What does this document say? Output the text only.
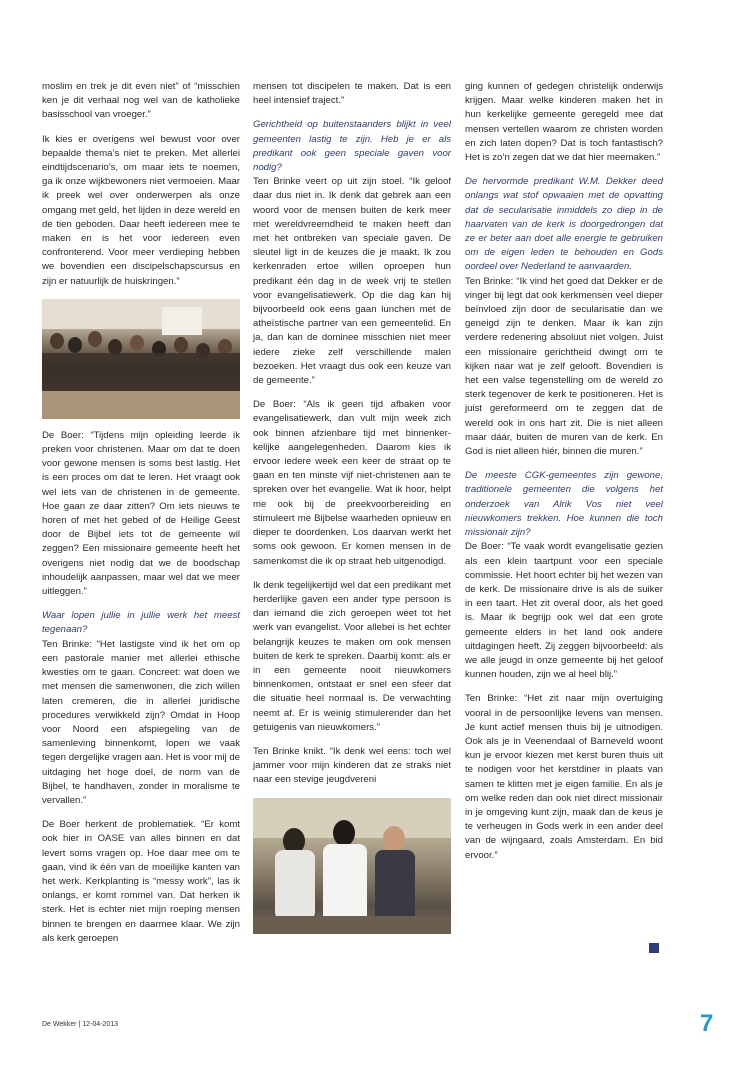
moslim en trek je dit even niet” of “misschien ken je dit verhaal nog wel van de katholieke basisschool van vroeger.”

Ik kies er overigens wel bewust voor over bepaalde thema’s niet te preken. Met allerlei eindtijdscenario’s, om maar iets te noemen, ga ik onze wijkbewoners niet vermoeien. Maar ik preek wel over onderwerpen als onze omgang met geld, het lijden in deze wereld en de tien geboden. Daar heeft iedereen mee te maken en is het voor iedereen even confronterend. Voor meer verdieping hebben we bovendien een discipelschapscursus en zijn er natuurlijk de huiskringen.”

De Boer: “Tijdens mijn opleiding leerde ik preken voor christenen. Maar om dat te doen voor gewone mensen is soms best lastig. Het is een proces om dat te leren. Het vraagt ook wel iets van de christenen in de gemeente. Hoe gaan ze daar zitten? Om iets nieuws te horen of met het gebed of de Heilige Geest door de Bijbel iets tot de gemeente wil zeggen? Een missionaire gemeente heeft het overigens niet nodig dat we de boodschap inhoudelijk aanpassen, maar wel dat we meer uitleggen.”

Waar lopen jullie in jullie werk het meest tegenaan?

Ten Brinke: “Het lastigste vind ik het om op een pastorale manier met allerlei ethische kwesties om te gaan. Concreet: wat doen we met mensen die samenwonen, die zich willen laten cremeren, die in allerlei juridische procedures verwikkeld zijn? Omdat in Hoop voor Noord een afspiegeling van de samenleving binnenkomt, lopen we vaak tegen dergelijke vragen aan. Het is voor mij de uitdaging het hoge doel, de norm van de Bijbel, te handhaven, zonder in moralisme te vervallen.”

De Boer herkent de problematiek. “Er komt ook hier in OASE van alles binnen en dat levert soms vragen op. Hoe daar mee om te gaan, vind ik één van de moeilijke kanten van het werk. Kerkplanting is “messy work”, las ik onlangs, er komt rommel van. Dat herken ik sterk. Het is echter niet mijn roeping mensen binnen te brengen en daarmee klaar. We zijn als kerk geroepen

mensen tot discipelen te maken. Dat is een heel intensief traject.”

Gerichtheid op buitenstaanders blijkt in veel gemeenten lastig te zijn. Heb je er als predikant ook geen speciale gaven voor nodig?

Ten Brinke veert op uit zijn stoel. “Ik geloof daar dus niet in. Ik denk dat gebrek aan een woord voor de mensen buiten de kerk meer met wereldvreemdheid te maken heeft dan met het ontbreken van speciale gaven. De sleutel ligt in de keuzes die je maakt. Ik zou kerkenraden ertoe willen oproepen hun predikant één dag in de week vrij te stellen voor evangelisatiewerk. Op die dag kan hij bijvoorbeeld ook eens gaan lunchen met de atheïstische partner van een gemeentelid. En ja, dan kan de dominee misschien niet meer iedere zieke zelf verschillende malen bezoeken. Het vraagt dus ook een keuze van de gemeente.”

De Boer: “Als ik geen tijd afbaken voor evangelisatiewerk, dan vult mijn week zich ook binnen afzienbare tijd met binnenkerkelijke aangelegenheden. Daarom kies ik ervoor iedere week een keer de straat op te gaan en ten minste vijf niet-christenen aan te spreken over het evangelie. Wat ik hoor, helpt me ook bij de preekvoorbereiding en stimuleert me Bijbelse waarheden opnieuw en dieper te doordenken. Los daarvan werkt het soms ook gewoon. Er komen mensen in de samenkomst die ik op straat heb uitgenodigd.

Ik denk tegelijkertijd wel dat een predikant met herderlijke gaven een ander type persoon is dan iemand die zich geroepen weet tot het werk van evangelist. Voor allebei is het echter belangrijk keuzes te maken om ook mensen buiten de kerk te spreken. Daarbij komt: als er in een gemeente nooit nieuwkomers binnenkomen, ontstaat er snel een sfeer dat die situatie heel normaal is. De verwachting neemt af. Er is weinig stimulerender dan het getuigenis van nieuwkomers.”

Ten Brinke knikt. “Ik denk wel eens: toch wel jammer voor mijn kinderen dat ze straks niet naar een stevige jeugdvereni

ging kunnen of gedegen christelijk onderwijs krijgen. Maar welke kinderen maken het in hun kerkelijke gemeente geregeld mee dat mensen vertellen waarom ze christen worden en zich laten dopen? Dat is toch fantastisch? Het is zo’n zegen dat we dat hier meemaken.”

De hervormde predikant W.M. Dekker deed onlangs wat stof opwaaien met de opvatting dat de secularisatie inmiddels zo diep in de haarvaten van de kerk is doorgedrongen dat ze er beter aan doet alle energie te gebruiken om de eigen leden te behouden en Gods oordeel over Nederland te aanvaarden.

Ten Brinke: “Ik vind het goed dat Dekker er de vinger bij legt dat ook kerkmensen veel dieper beïnvloed zijn door de secularisatie dan we geneigd zijn te denken. Maar ik kan zijn verdere redenering absoluut niet volgen. Juist een missionaire gerichtheid dwingt om te kijken naar wat je zelf gelooft. Bovendien is het een valse tegenstelling om de wereld zo sterk tegenover de kerk te positioneren. Het is juist gereformeerd om te zeggen dat de wereld ook in ons hart zit. Die is niet alleen maar dáár, buiten de muren van de kerk. En God is niet alleen hiér, binnen die muren.”

De meeste CGK-gemeentes zijn gewone, traditionele gemeenten die volgens het onderzoek van Alrik Vos niet veel nieuwkomers trekken. Hoe kunnen die toch missionair zijn?

De Boer: “Te vaak wordt evangelisatie gezien als een klein taartpunt voor een speciale commissie. Het hoort echter bij het wezen van de kerk. De missionaire drive is als de suiker in een taart. Het zit overal door, als het goed is. Maar ik begrijp ook wel dat een grote gemeente elders in het land ook andere uitdagingen heeft. Zij zeggen bijvoorbeeld: als we alle jeugd in onze gemeente bij het geloof kunnen houden, zijn we al heel blij.”

Ten Brinke: “Het zit naar mijn overtuiging vooral in de persoonlijke levens van mensen. Je kunt actief mensen thuis bij je uitnodigen. Ook als je in Veenendaal of Barneveld woont kun je ervoor kiezen met kerst buren thuis uit te nodigen voor het kerstdiner in plaats van samen te klitten met je eigen familie. En als je om welke reden dan ook niet direct missionair in je omgeving kunt zijn, maak dan de keus je te verheugen in Gods werk in een ander deel van de wijngaard, zoals Amsterdam. En bid ervoor.”

De Wekker | 12-04-2013	7
